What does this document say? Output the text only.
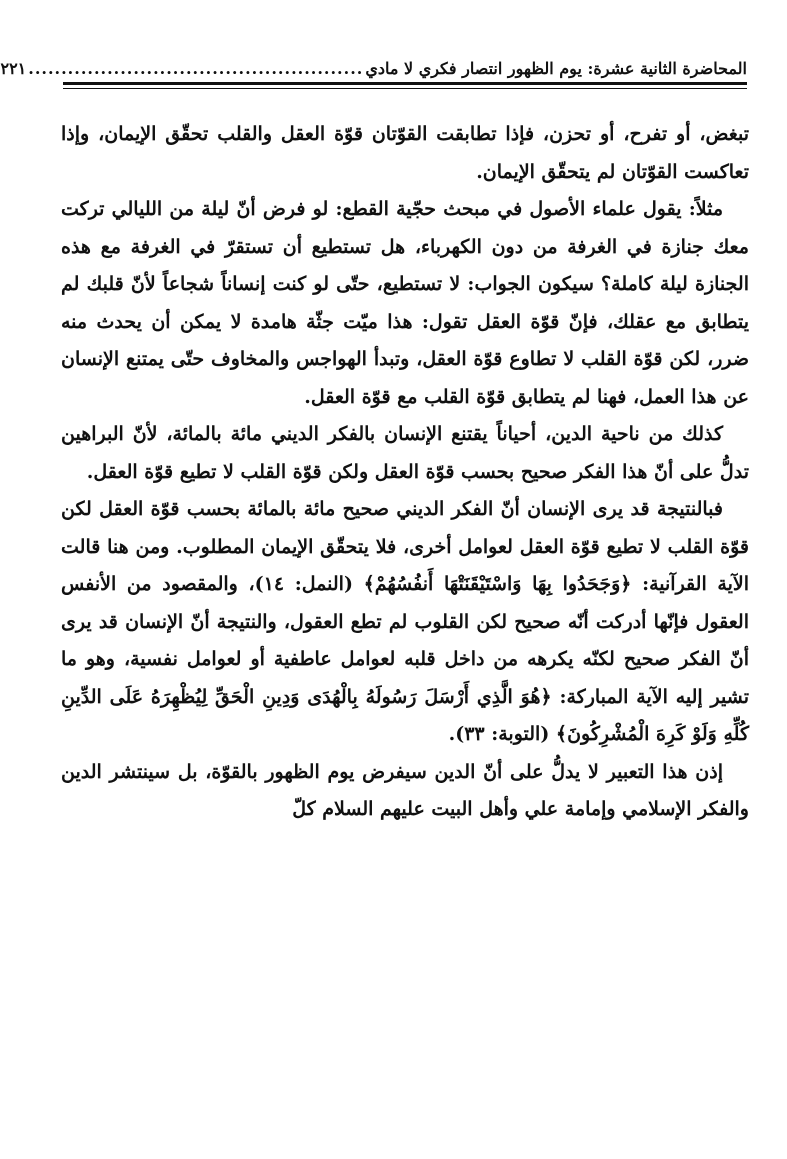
المحاضرة الثانية عشرة: يوم الظهور انتصار فكري لا مادي
...................................................
٢٢١

تبغض، أو تفرح، أو تحزن، فإذا تطابقت القوّتان قوّة العقل والقلب تحقّق الإيمان، وإذا تعاكست القوّتان لم يتحقّق الإيمان.

مثلاً: يقول علماء الأصول في مبحث حجّية القطع: لو فرض أنّ ليلة من الليالي تركت معك جنازة في الغرفة من دون الكهرباء، هل تستطيع أن تستقرّ في الغرفة مع هذه الجنازة ليلة كاملة؟ سيكون الجواب: لا تستطيع، حتّى لو كنت إنساناً شجاعاً لأنّ قلبك لم يتطابق مع عقلك، فإنّ قوّة العقل تقول: هذا ميّت جثّة هامدة لا يمكن أن يحدث منه ضرر، لكن قوّة القلب لا تطاوع قوّة العقل، وتبدأ الهواجس والمخاوف حتّى يمتنع الإنسان عن هذا العمل، فهنا لم يتطابق قوّة القلب مع قوّة العقل.

كذلك من ناحية الدين، أحياناً يقتنع الإنسان بالفكر الديني مائة بالمائة، لأنّ البراهين تدلُّ على أنّ هذا الفكر صحيح بحسب قوّة العقل ولكن قوّة القلب لا تطيع قوّة العقل.

فبالنتيجة قد يرى الإنسان أنّ الفكر الديني صحيح مائة بالمائة بحسب قوّة العقل لكن قوّة القلب لا تطيع قوّة العقل لعوامل أخرى، فلا يتحقّق الإيمان المطلوب. ومن هنا قالت الآية القرآنية: ﴿وَجَحَدُوا بِهَا وَاسْتَيْقَنَتْهَا أَنفُسُهُمْ﴾ (النمل: ١٤)، والمقصود من الأنفس العقول فإنّها أدركت أنّه صحيح لكن القلوب لم تطع العقول، والنتيجة أنّ الإنسان قد يرى أنّ الفكر صحيح لكنّه يكرهه من داخل قلبه لعوامل عاطفية أو لعوامل نفسية، وهو ما تشير إليه الآية المباركة: ﴿هُوَ الَّذِي أَرْسَلَ رَسُولَهُ بِالْهُدَى وَدِينِ الْحَقِّ لِيُظْهِرَهُ عَلَى الدِّينِ كُلِّهِ وَلَوْ كَرِهَ الْمُشْرِكُونَ﴾ (التوبة: ٣٣).

إذن هذا التعبير لا يدلُّ على أنّ الدين سيفرض يوم الظهور بالقوّة، بل سينتشر الدين والفكر الإسلامي وإمامة علي وأهل البيت عليهم السلام كلّ
